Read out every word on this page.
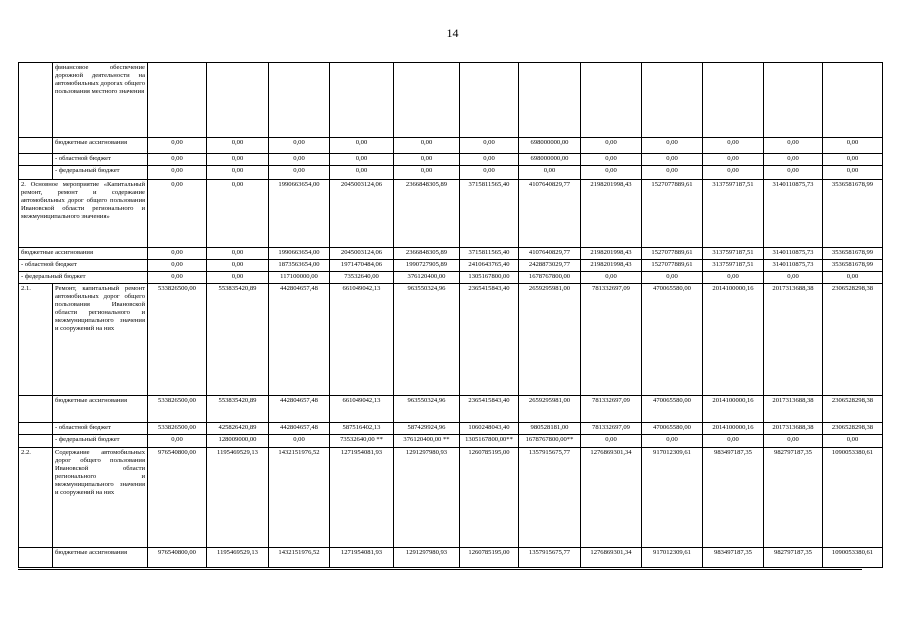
14
	финансовое обеспечение дорожной деятельности на автомобильных дорогах общего пользования местного значения												
	бюджетные ассигнования	0,00	0,00	0,00	0,00	0,00	0,00	698000000,00	0,00	0,00	0,00	0,00	0,00
	- областной бюджет	0,00	0,00	0,00	0,00	0,00	0,00	698000000,00	0,00	0,00	0,00	0,00	0,00
	- федеральный бюджет	0,00	0,00	0,00	0,00	0,00	0,00	0,00	0,00	0,00	0,00	0,00	0,00
2. Основное мероприятие «Капитальный ремонт, ремонт и содержание автомобильных дорог общего пользования Ивановской области регионального и межмуниципального значения»		0,00	0,00	1990663654,00	2045003124,06	2366848305,89	3715811565,40	4107640829,77	2198201998,43	1527077889,61	3137597187,51	3140110875,73	3536581678,99
бюджетные ассигнования		0,00	0,00	1990663654,00	2045003124,06	2366848305,89	3715811565,40	4107640829,77	2198201998,43	1527077889,61	3137597187,51	3140110875,73	3536581678,99
- областной бюджет		0,00	0,00	1873563654,00	1971470484,06	1990727905,89	2410643765,40	2428873029,77	2198201998,43	1527077889,61	3137597187,51	3140110875,73	3536581678,99
- федеральный бюджет		0,00	0,00	117100000,00	73532640,00	376120400,00	1305167800,00	1678767800,00	0,00	0,00	0,00	0,00	0,00
2.1.	Ремонт, капитальный ремонт автомобильных дорог общего пользования Ивановской области регионального и межмуниципального значения и сооружений на них	533826500,00	553835420,89	442804657,48	661049042,13	963550324,96	2365415843,40	2659295981,00	781332697,09	470065580,00	2014100000,16	2017313688,38	2306528298,38
	бюджетные ассигнования	533826500,00	553835420,89	442804657,48	661049042,13	963550324,96	2365415843,40	2659295981,00	781332697,09	470065580,00	2014100000,16	2017313688,38	2306528298,38
	- областной бюджет	533826500,00	425826420,89	442804657,48	587516402,13	587429924,96	1060248043,40	980528181,00	781332697,09	470065580,00	2014100000,16	2017313688,38	2306528298,38
	- федеральный бюджет	0,00	128009000,00	0,00	73532640,00 **	376120400,00 **	1305167800,00**	1678767800,00**	0,00	0,00	0,00	0,00	0,00
2.2.	Содержание автомобильных дорог общего пользования Ивановской области регионального и межмуниципального значения и сооружений на них	976540800,00	1195469529,13	1432151976,52	1271954081,93	1291297980,93	1260785195,00	1357915675,77	1276869301,34	917012309,61	983497187,35	982797187,35	1090053380,61
	бюджетные ассигнования	976540800,00	1195469529,13	1432151976,52	1271954081,93	1291297980,93	1260785195,00	1357915675,77	1276869301,34	917012309,61	983497187,35	982797187,35	1090053380,61
